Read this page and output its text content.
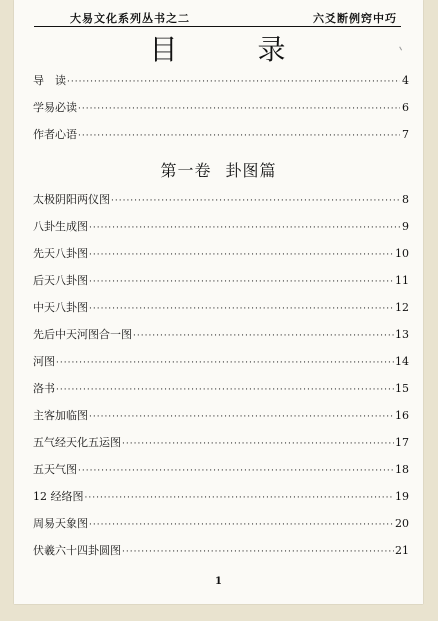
大易文化系列丛书之二	六爻断例窍中巧
目　录
导　读 ·····	4
学易必读 ·····	6
作者心语 ·····	7
第一卷 卦图篇
太极阴阳两仪图 ·····	8
八卦生成图 ·····	9
先天八卦图 ·····	10
后天八卦图 ·····	11
中天八卦图 ·····	12
先后中天河图合一图 ·····	13
河图 ·····	14
洛书 ·····	15
主客加临图 ·····	16
五气经天化五运图 ·····	17
五天气图 ·····	18
12 经络图 ·····	19
周易天象图 ·····	20
伏羲六十四卦圆图 ·····	21
1
